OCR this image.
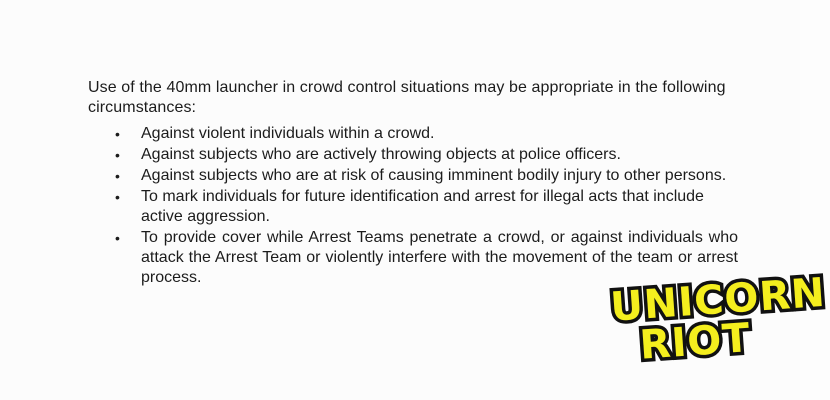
Use of the 40mm launcher in crowd control situations may be appropriate in the following circumstances:

• Against violent individuals within a crowd.
• Against subjects who are actively throwing objects at police officers.
• Against subjects who are at risk of causing imminent bodily injury to other persons.
• To mark individuals for future identification and arrest for illegal acts that include active aggression.
• To provide cover while Arrest Teams penetrate a crowd, or against individuals who attack the Arrest Team or violently interfere with the movement of the team or arrest process.	UNICORN
RIOT
